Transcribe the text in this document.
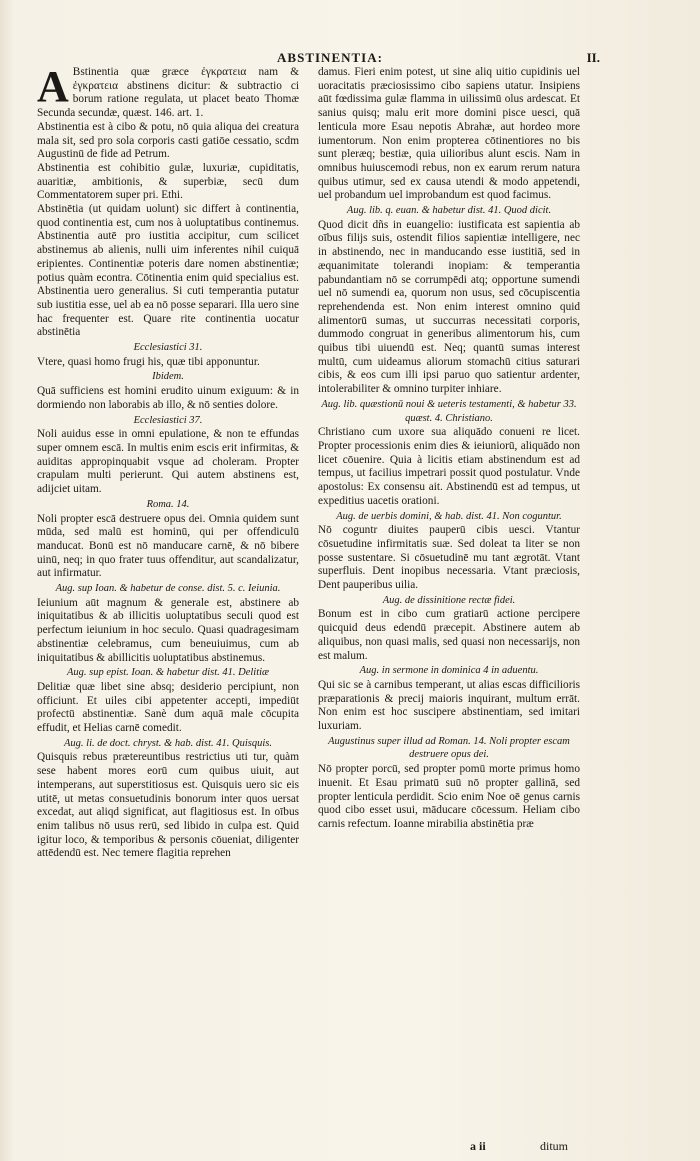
ABSTINENTIA:	II.
A Bstinentia quæ græce ἐγκρατεια nam & ἐγκρατεια abstinens dicitur: & subtractio ci borum ratione regulata, ut placet beato Thomæ Secunda secundæ, quæst. 146. art. 1.

Abstinentia est à cibo & potu, nō quia aliqua dei creatura mala sit, sed pro sola corporis casti gatiōe cessatio, scdm Augustinū de fide ad Petrum.

Abstinentia est cohibitio gulæ, luxuriæ, cupiditatis, auaritiæ, ambitionis, & superbiæ, secū dum Commentatorem super pri. Ethi.

Abstinētia (ut quidam uolunt) sic differt à continentia, quod continentia est, cum nos à uoluptatibus continemus. Abstinentia autē pro iustitia accipitur, cum scilicet abstinemus ab alienis, nulli uim inferentes nihil cuiquā eripientes. Continentiæ poteris dare nomen abstinentiæ; potius quàm econtra. Cōtinentia enim quid specialius est. Abstinentia uero generalius. Si cuti temperantia putatur sub iustitia esse, uel ab ea nō posse separari. Illa uero sine hac frequenter est. Quare rite continentia uocatur abstinētia

Ecclesiastici 31.

Vtere, quasi homo frugi his, quæ tibi apponuntur.

Ibidem.

Quā sufficiens est homini erudito uinum exiguum: & in dormiendo non laborabis ab illo, & nō senties dolore.

Ecclesiastici 37.

Noli auidus esse in omni epulatione, & non te effundas super omnem escā. In multis enim escis erit infirmitas, & auiditas appropinquabit vsque ad choleram. Propter crapulam multi perierunt. Qui autem abstinens est, adijciet uitam.

Roma. 14.

Noli propter escā destruere opus dei. Omnia quidem sunt mūda, sed malū est hominū, qui per offendiculū manducat. Bonū est nō manducare carnē, & nō bibere uinū, neq; in quo frater tuus offenditur, aut scandalizatur, aut infirmatur.

Aug. sup Ioan. & habetur de conse. dist. 5. c. Ieiunia.

Ieiunium aūt magnum & generale est, abstinere ab iniquitatibus & ab illicitis uoluptatibus seculi quod est perfectum ieiunium in hoc seculo. Quasi quadragesimam abstinentiæ celebramus, cum beneuiuimus, cum ab iniquitatibus & abillicitis uoluptatibus abstinemus.

Aug. sup epist. Ioan. & habetur dist. 41. Delitiæ

Delitiæ quæ libet sine absq; desiderio percipiunt, non officiunt. Et uiles cibi appetenter accepti, impediūt profectū abstinentiæ. Sanè dum aquā male cōcupita effudit, et Helias carnē comedit.

Aug. li. de doct. chryst. & hab. dist. 41. Quisquis.

Quisquis rebus prætereuntibus restrictius uti tur, quàm sese habent mores eorū cum quibus uiuit, aut intemperans, aut superstitiosus est. Quisquis uero sic eis utitē, ut metas consuetudinis bonorum inter quos uersat excedat, aut aliqd significat, aut flagitiosus est. In oībus enim talibus nō usus rerū, sed libido in culpa est. Quid igitur loco, & temporibus & personis cōueniat, diligenter attēdendū est. Nec temere flagitia reprehen

damus. Fieri enim potest, ut sine aliq uitio cupidinis uel uoracitatis præciosissimo cibo sapiens utatur. Insipiens aūt fœdissima gulæ flamma in uilissimū olus ardescat. Et sanius quisq; malu erit more domini pisce uesci, quā lenticula more Esau nepotis Abrahæ, aut hordeo more iumentorum. Non enim propterea cōtinentiores no bis sunt pleræq; bestiæ, quia uilioribus alunt escis. Nam in omnibus huiuscemodi rebus, non ex earum rerum natura quibus utimur, sed ex causa utendi & modo appetendi, uel probandum uel improbandum est quod facimus.

Aug. lib. q. euan. & habetur dist. 41. Quod dicit.

Quod dicit dñs in euangelio: iustificata est sapientia ab oībus filijs suis, ostendit filios sapientiæ intelligere, nec in abstinendo, nec in manducando esse iustitiā, sed in æquanimitate tolerandi inopiam: & temperantia pabundantiam nō se corrumpēdi atq; opportune sumendi uel nō sumendi ea, quorum non usus, sed cōcupiscentia reprehendenda est. Non enim interest omnino quid alimentorū sumas, ut succurras necessitati corporis, dummodo congruat in generibus alimentorum his, cum quibus tibi uiuendū est. Neq; quantū sumas interest multū, cum uideamus aliorum stomachū citius saturari cibis, & eos cum illi ipsi paruo quo satientur ardenter, intolerabiliter & omnino turpiter inhiare.

Aug. lib. quæstionū noui & ueteris testamenti, & habetur 33. quæst. 4. Christiano.

Christiano cum uxore sua aliquādo conueni re licet. Propter processionis enim dies & ieiuniorū, aliquādo non licet cōuenire. Quia à licitis etiam abstinendum est ad tempus, ut facilius impetrari possit quod postulatur. Vnde apostolus: Ex consensu ait. Abstinendū est ad tempus, ut expeditius uacetis orationi.

Aug. de uerbis domini, & hab. dist. 41. Non coguntur.

Nō coguntr diuites pauperū cibis uesci. Vtantur cōsuetudine infirmitatis suæ. Sed doleat ta liter se non posse sustentare. Si cōsuetudinē mu tant ægrotāt. Vtant superfluis. Dent inopibus necessaria. Vtant præciosis, Dent pauperibus uilia.

Aug. de dissinitione rectæ fidei.

Bonum est in cibo cum gratiarū actione percipere quicquid deus edendū præcepit. Abstinere autem ab aliquibus, non quasi malis, sed quasi non necessarijs, non est malum.

Aug. in sermone in dominica 4 in aduentu.

Qui sic se à carnibus temperant, ut alias escas difficilioris præparationis & precij maioris inquirant, multum errāt. Non enim est hoc suscipere abstinentiam, sed imitari luxuriam.

Augustinus super illud ad Roman. 14. Noli propter escam destruere opus dei.

Nō propter porcū, sed propter pomū morte primus homo inuenit. Et Esau primatū suū nō propter gallinā, sed propter lenticula perdidit. Scio enim Noe oē genus carnis quod cibo esset usui, māducare cōcessum. Heliam cibo carnis refectum. Ioanne mirabilia abstinētia præ

a ii	ditum
